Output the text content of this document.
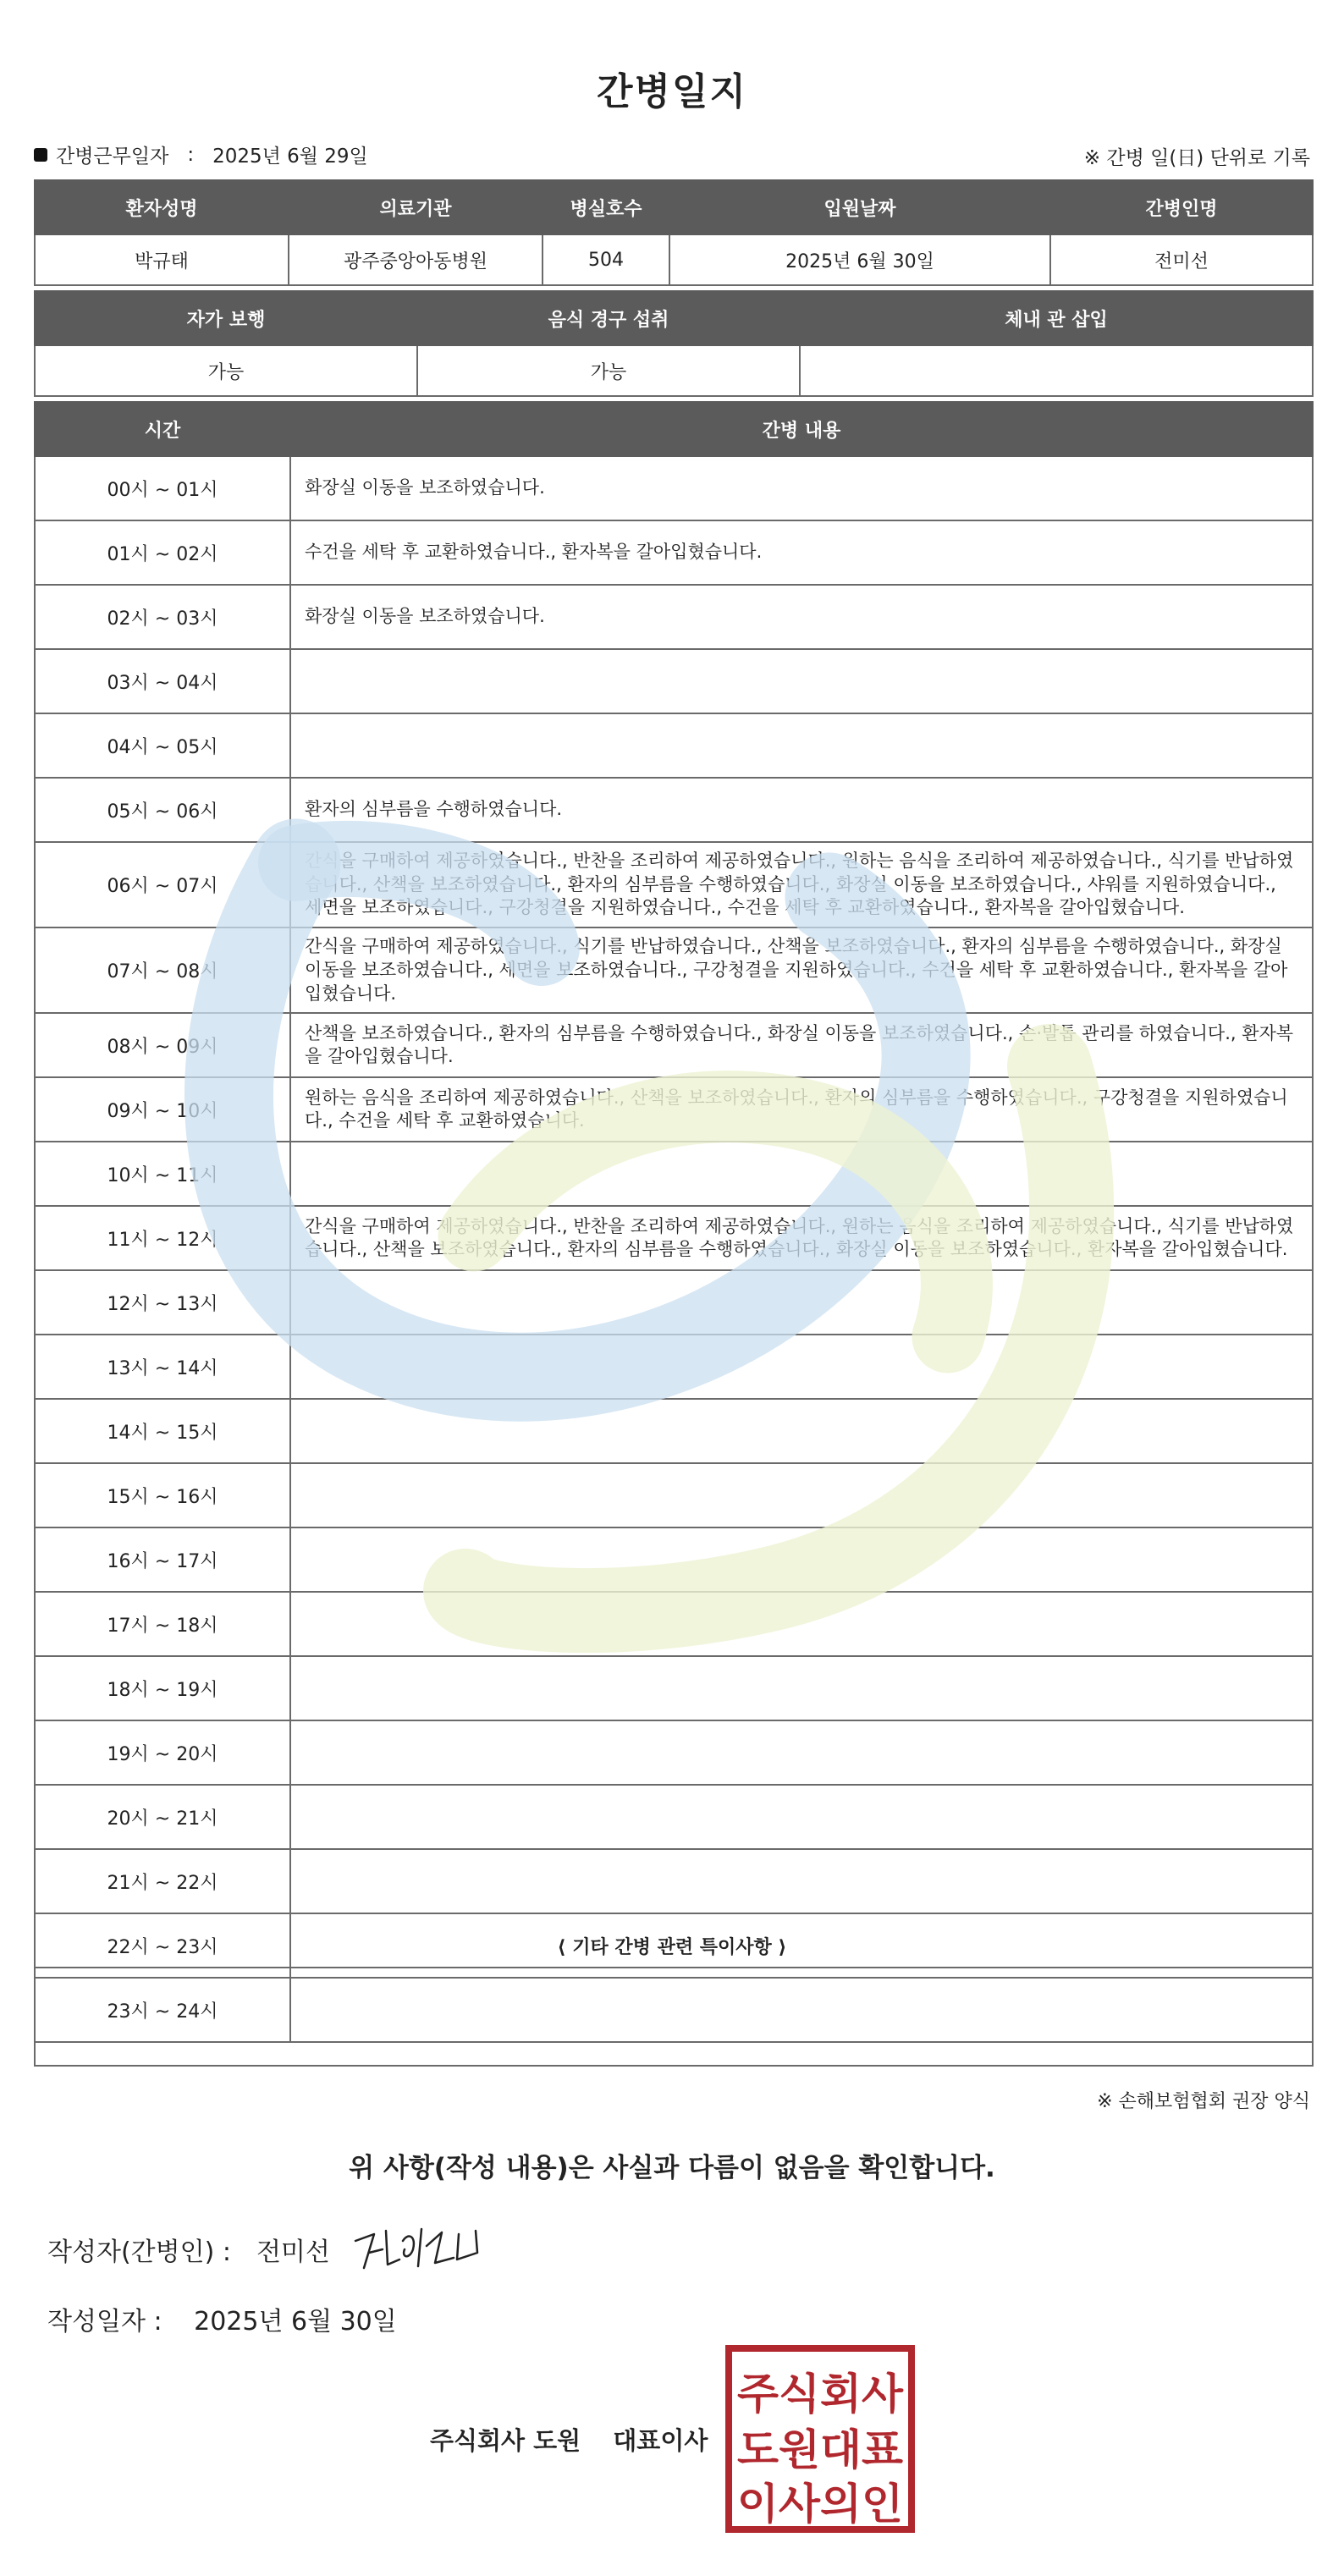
간병일지
간병근무일자 : 2025년 6월 29일	※ 간병 일(日) 단위로 기록
환자성명	의료기관	병실호수	입원날짜	간병인명
박규태	광주중앙아동병원	504	2025년 6월 30일	전미선
자가 보행	음식 경구 섭취	체내 관 삽입
가능	가능	
시간	간병 내용
00시 ~ 01시	화장실 이동을 보조하였습니다.
01시 ~ 02시	수건을 세탁 후 교환하였습니다., 환자복을 갈아입혔습니다.
02시 ~ 03시	화장실 이동을 보조하였습니다.
03시 ~ 04시	
04시 ~ 05시	
05시 ~ 06시	환자의 심부름을 수행하였습니다.
06시 ~ 07시	간식을 구매하여 제공하였습니다., 반찬을 조리하여 제공하였습니다., 원하는 음식을 조리하여 제공하였습니다., 식기를 반납하였습니다., 산책을 보조하였습니다., 환자의 심부름을 수행하였습니다., 화장실 이동을 보조하였습니다., 샤워를 지원하였습니다., 세면을 보조하였습니다., 구강청결을 지원하였습니다., 수건을 세탁 후 교환하였습니다., 환자복을 갈아입혔습니다.
07시 ~ 08시	간식을 구매하여 제공하였습니다., 식기를 반납하였습니다., 산책을 보조하였습니다., 환자의 심부름을 수행하였습니다., 화장실 이동을 보조하였습니다., 세면을 보조하였습니다., 구강청결을 지원하였습니다., 수건을 세탁 후 교환하였습니다., 환자복을 갈아입혔습니다.
08시 ~ 09시	산책을 보조하였습니다., 환자의 심부름을 수행하였습니다., 화장실 이동을 보조하였습니다., 손·발톱 관리를 하였습니다., 환자복을 갈아입혔습니다.
09시 ~ 10시	원하는 음식을 조리하여 제공하였습니다., 산책을 보조하였습니다., 환자의 심부름을 수행하였습니다., 구강청결을 지원하였습니다., 수건을 세탁 후 교환하였습니다.
10시 ~ 11시	
11시 ~ 12시	간식을 구매하여 제공하였습니다., 반찬을 조리하여 제공하였습니다., 원하는 음식을 조리하여 제공하였습니다., 식기를 반납하였습니다., 산책을 보조하였습니다., 환자의 심부름을 수행하였습니다., 화장실 이동을 보조하였습니다., 환자복을 갈아입혔습니다.
12시 ~ 13시	
13시 ~ 14시	
14시 ~ 15시	
15시 ~ 16시	
16시 ~ 17시	
17시 ~ 18시	
18시 ~ 19시	
19시 ~ 20시	
20시 ~ 21시	
21시 ~ 22시	
22시 ~ 23시	
23시 ~ 24시	
⟨ 기타 간병 관련 특이사항 ⟩
※ 손해보험협회 권장 양식
위 사항(작성 내용)은 사실과 다름이 없음을 확인합니다.
작성자(간병인) : 전미선
작성일자 : 2025년 6월 30일
주식회사 도원 대표이사
주식회사
도원대표
이사의인
